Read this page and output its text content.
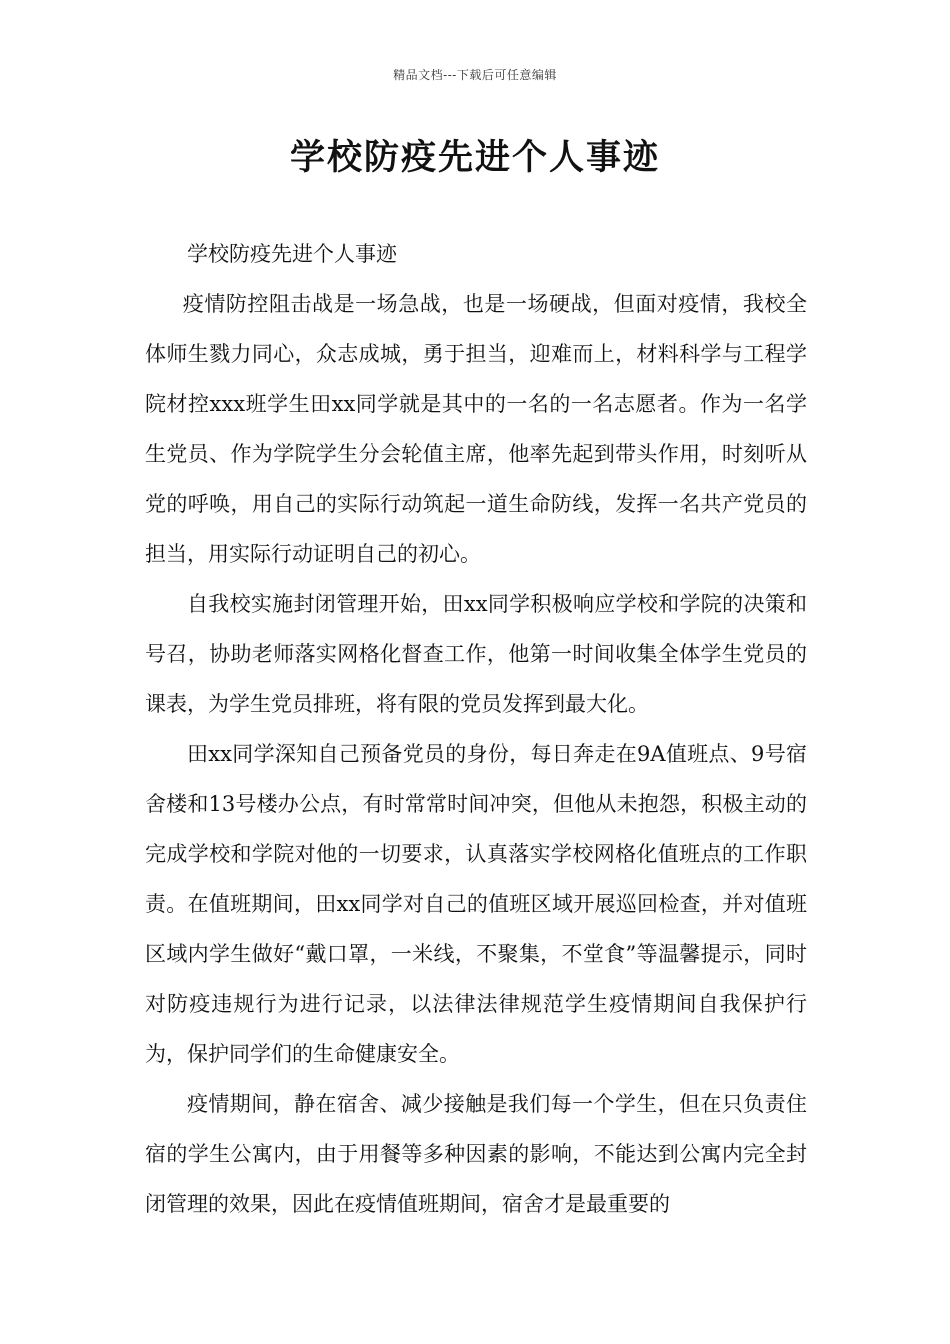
精品文档---下载后可任意编辑
学校防疫先进个人事迹

学校防疫先进个人事迹

疫情防控阻击战是一场急战，也是一场硬战，但面对疫情，我校全体师生戮力同心，众志成城，勇于担当，迎难而上，材料科学与工程学院材控xxx班学生田xx同学就是其中的一名的一名志愿者。作为一名学生党员、作为学院学生分会轮值主席，他率先起到带头作用，时刻听从党的呼唤，用自己的实际行动筑起一道生命防线，发挥一名共产党员的担当，用实际行动证明自己的初心。

自我校实施封闭管理开始，田xx同学积极响应学校和学院的决策和号召，协助老师落实网格化督查工作，他第一时间收集全体学生党员的课表，为学生党员排班，将有限的党员发挥到最大化。

田xx同学深知自己预备党员的身份，每日奔走在9A值班点、9号宿舍楼和13号楼办公点，有时常常时间冲突，但他从未抱怨，积极主动的完成学校和学院对他的一切要求，认真落实学校网格化值班点的工作职责。在值班期间，田xx同学对自己的值班区域开展巡回检查，并对值班区域内学生做好“戴口罩，一米线，不聚集，不堂食”等温馨提示，同时对防疫违规行为进行记录，以法律法律规范学生疫情期间自我保护行为，保护同学们的生命健康安全。

疫情期间，静在宿舍、减少接触是我们每一个学生，但在只负责住宿的学生公寓内，由于用餐等多种因素的影响，不能达到公寓内完全封闭管理的效果，因此在疫情值班期间，宿舍才是最重要的
